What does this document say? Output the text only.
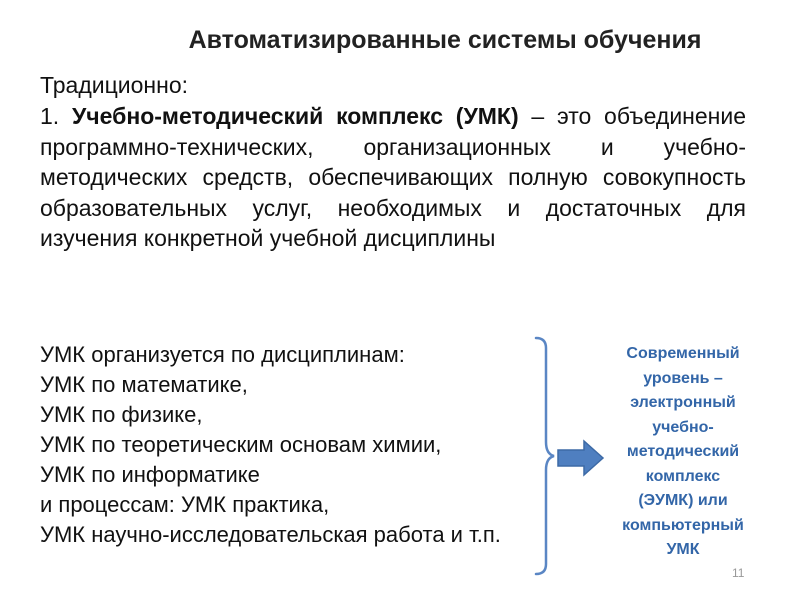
Автоматизированные системы обучения
Традиционно:
1. Учебно-методический комплекс (УМК) – это объединение программно-технических, организационных и учебно-методических средств, обеспечивающих полную совокупность образовательных услуг, необходимых и достаточных для изучения конкретной учебной дисциплины
УМК организуется по дисциплинам:
УМК по математике,
УМК по физике,
УМК по теоретическим основам химии,
УМК по информатике
и процессам: УМК практика,
УМК научно-исследовательская работа и т.п.
Современный
уровень –
электронный
учебно-
методический
комплекс
(ЭУМК) или
компьютерный
УМК
11
